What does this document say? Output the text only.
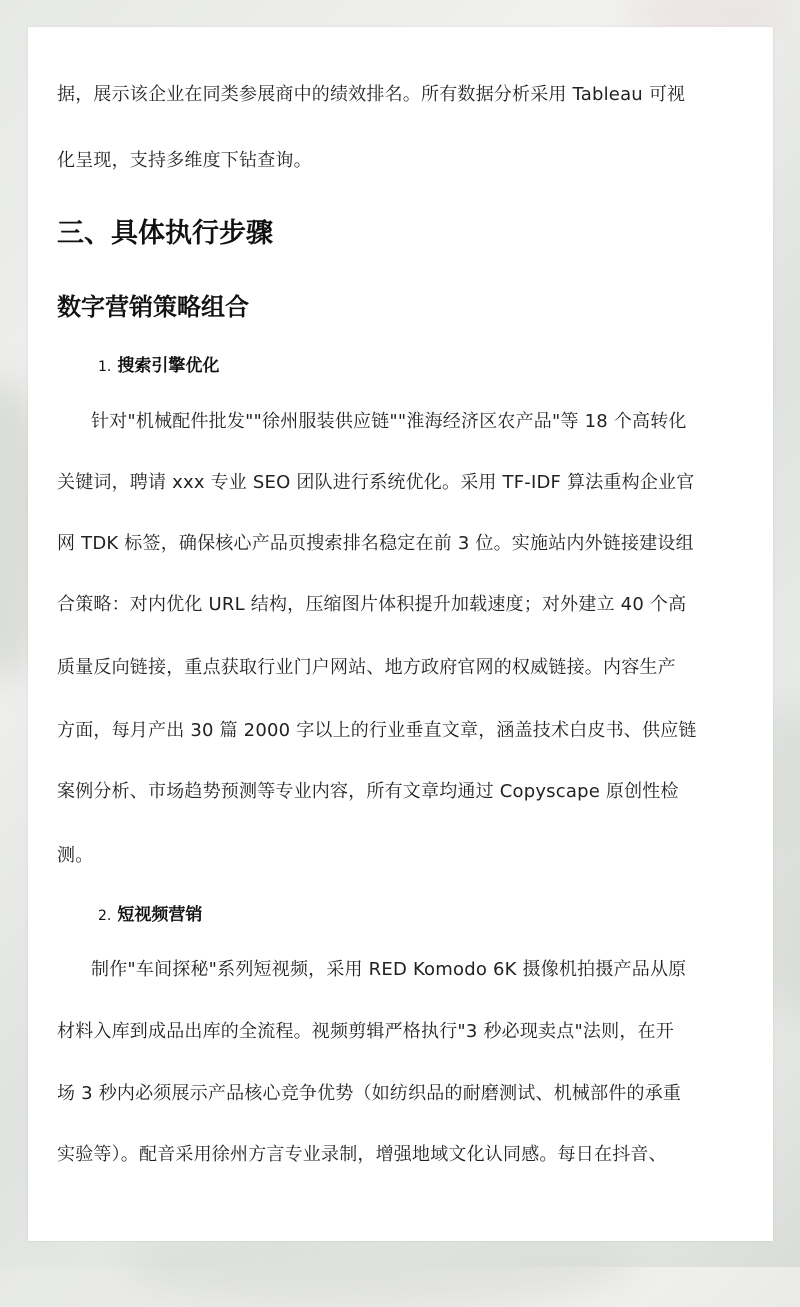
据，展示该企业在同类参展商中的绩效排名。所有数据分析采用 Tableau 可视
化呈现，支持多维度下钻查询。
三、具体执行步骤
数字营销策略组合
1. 搜索引擎优化
针对"机械配件批发""徐州服装供应链""淮海经济区农产品"等 18 个高转化
关键词，聘请 xxx 专业 SEO 团队进行系统优化。采用 TF-IDF 算法重构企业官
网 TDK 标签，确保核心产品页搜索排名稳定在前 3 位。实施站内外链接建设组
合策略：对内优化 URL 结构，压缩图片体积提升加载速度；对外建立 40 个高
质量反向链接，重点获取行业门户网站、地方政府官网的权威链接。内容生产
方面，每月产出 30 篇 2000 字以上的行业垂直文章，涵盖技术白皮书、供应链
案例分析、市场趋势预测等专业内容，所有文章均通过 Copyscape 原创性检
测。
2. 短视频营销
制作"车间探秘"系列短视频，采用 RED Komodo 6K 摄像机拍摄产品从原
材料入库到成品出库的全流程。视频剪辑严格执行"3 秒必现卖点"法则，在开
场 3 秒内必须展示产品核心竞争优势（如纺织品的耐磨测试、机械部件的承重
实验等）。配音采用徐州方言专业录制，增强地域文化认同感。每日在抖音、
